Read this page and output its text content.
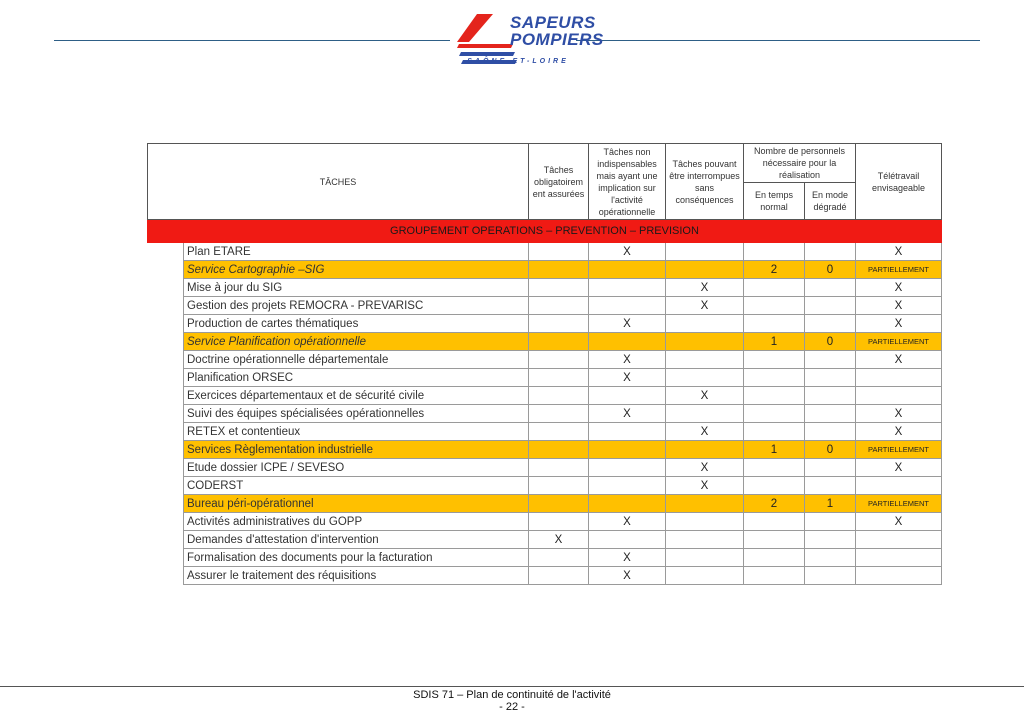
SAPEURS
POMPIERS
SAÔNE-ET-LOIRE
TÂCHES		Tâches obligatoirem ent assurées	Tâches non indispensables mais ayant une implication sur l'activité opérationnelle	Tâches pouvant être interrompues sans conséquences	Nombre de personnels nécessaire pour la réalisation		Télétravail envisageable
					En temps normal	En mode dégradé	
GROUPEMENT OPERATIONS – PREVENTION – PREVISION							
	Plan ETARE		X				X
	Service Cartographie –SIG				2	0	PARTIELLEMENT
	Mise à jour du SIG			X			X
	Gestion des projets REMOCRA - PREVARISC			X			X
	Production de cartes thématiques		X				X
	Service Planification opérationnelle				1	0	PARTIELLEMENT
	Doctrine opérationnelle départementale		X				X
	Planification ORSEC		X				
	Exercices départementaux et de sécurité civile			X			
	Suivi des équipes spécialisées opérationnelles		X				X
	RETEX et contentieux			X			X
	Services Règlementation industrielle				1	0	PARTIELLEMENT
	Etude dossier ICPE / SEVESO			X			X
	CODERST			X			
	Bureau péri-opérationnel				2	1	PARTIELLEMENT
	Activités administratives du GOPP		X				X
	Demandes d'attestation d'intervention	X					
	Formalisation des documents pour la facturation		X				
	Assurer le traitement des réquisitions		X				
SDIS 71 – Plan de continuité de l'activité
- 22 -
